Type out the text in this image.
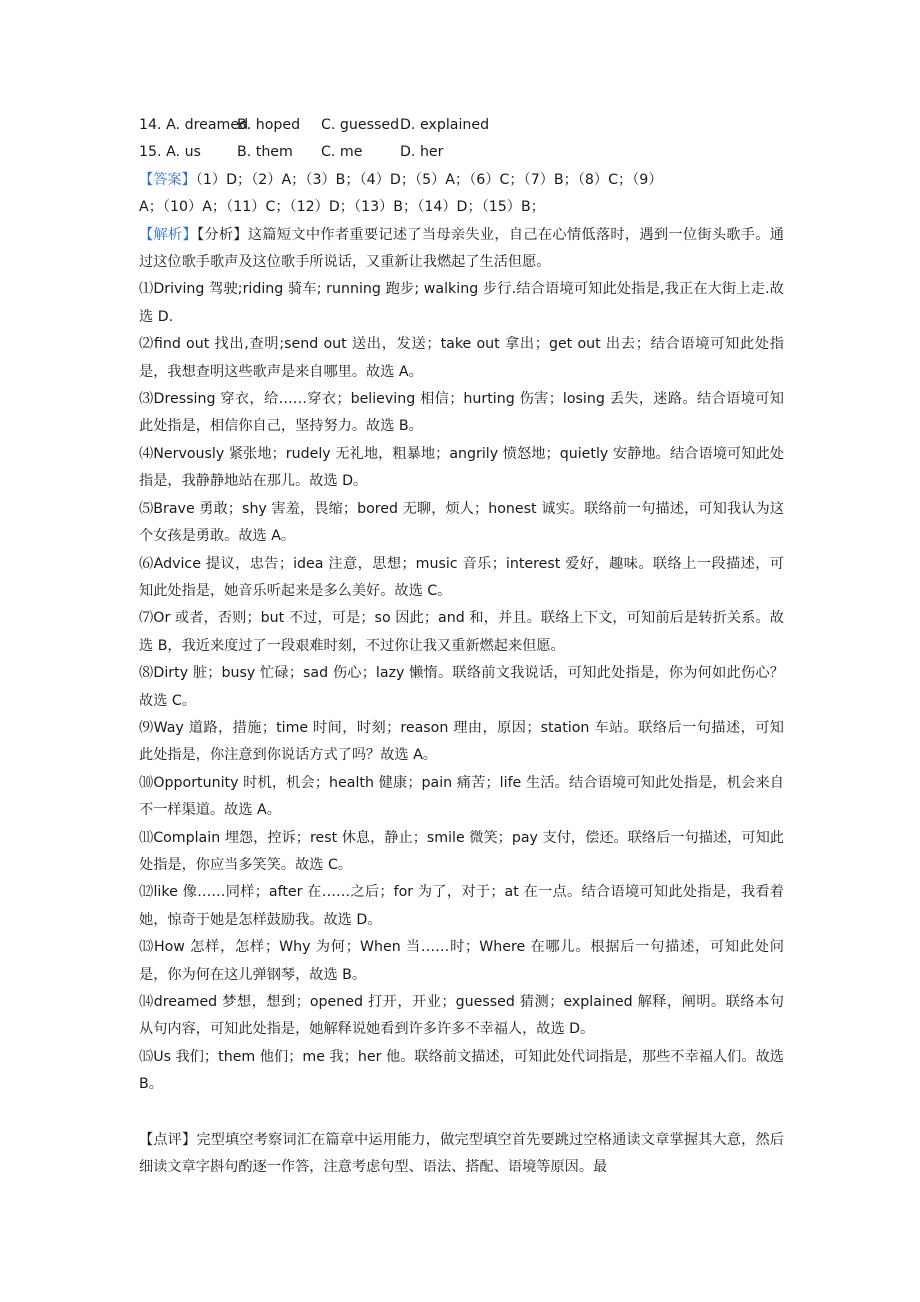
14. A. dreamedB. hoped C. guessedD. explained
15. A. us	B. them C. me	D. her
【答案】（1）D；（2）A；（3）B；（4）D；（5）A；（6）C；（7）B；（8）C；（9）
A；（10）A；（11）C；（12）D；（13）B；（14）D；（15）B；
【解析】【分析】这篇短文中作者重要记述了当母亲失业，自己在心情低落时，遇到一位街头歌手。通过这位歌手歌声及这位歌手所说话，又重新让我燃起了生活但愿。
⑴Driving 驾驶;riding 骑车; running 跑步; walking 步行.结合语境可知此处指是,我正在大街上走.故选 D.
⑵find out 找出,查明;send out 送出，发送；take out 拿出；get out 出去；结合语境可知此处指是，我想查明这些歌声是来自哪里。故选 A。
⑶Dressing 穿衣，给……穿衣；believing 相信；hurting 伤害；losing 丢失，迷路。结合语境可知此处指是，相信你自己，坚持努力。故选 B。
⑷Nervously 紧张地；rudely 无礼地，粗暴地；angrily 愤怒地；quietly 安静地。结合语境可知此处指是，我静静地站在那儿。故选 D。
⑸Brave 勇敢；shy 害羞，畏缩；bored 无聊，烦人；honest 诚实。联络前一句描述，可知我认为这个女孩是勇敢。故选 A。
⑹Advice 提议，忠告；idea 注意，思想；music 音乐；interest 爱好，趣味。联络上一段描述，可知此处指是，她音乐听起来是多么美好。故选 C。
⑺Or 或者，否则；but 不过，可是；so 因此；and 和，并且。联络上下文，可知前后是转折关系。故选 B，我近来度过了一段艰难时刻，不过你让我又重新燃起来但愿。
⑻Dirty 脏；busy 忙碌；sad 伤心；lazy 懒惰。联络前文我说话，可知此处指是，你为何如此伤心？故选 C。
⑼Way 道路，措施；time 时间，时刻；reason 理由，原因；station 车站。联络后一句描述，可知此处指是，你注意到你说话方式了吗？故选 A。
⑽Opportunity 时机，机会；health 健康；pain 痛苦；life 生活。结合语境可知此处指是，机会来自不一样渠道。故选 A。
⑾Complain 埋怨，控诉；rest 休息，静止；smile 微笑；pay 支付，偿还。联络后一句描述，可知此处指是，你应当多笑笑。故选 C。
⑿like 像……同样；after 在……之后；for 为了，对于；at 在一点。结合语境可知此处指是，我看着她，惊奇于她是怎样鼓励我。故选 D。
⒀How 怎样，怎样；Why 为何；When 当……时；Where 在哪儿。根据后一句描述，可知此处问是，你为何在这儿弹钢琴，故选 B。
⒁dreamed 梦想，想到；opened 打开，开业；guessed 猜测；explained 解释，阐明。联络本句从句内容，可知此处指是，她解释说她看到许多许多不幸福人，故选 D。
⒂Us 我们；them 他们；me 我；her 他。联络前文描述，可知此处代词指是，那些不幸福人们。故选 B。
【点评】完型填空考察词汇在篇章中运用能力，做完型填空首先要跳过空格通读文章掌握其大意，然后细读文章字斟句酌逐一作答，注意考虑句型、语法、搭配、语境等原因。最
